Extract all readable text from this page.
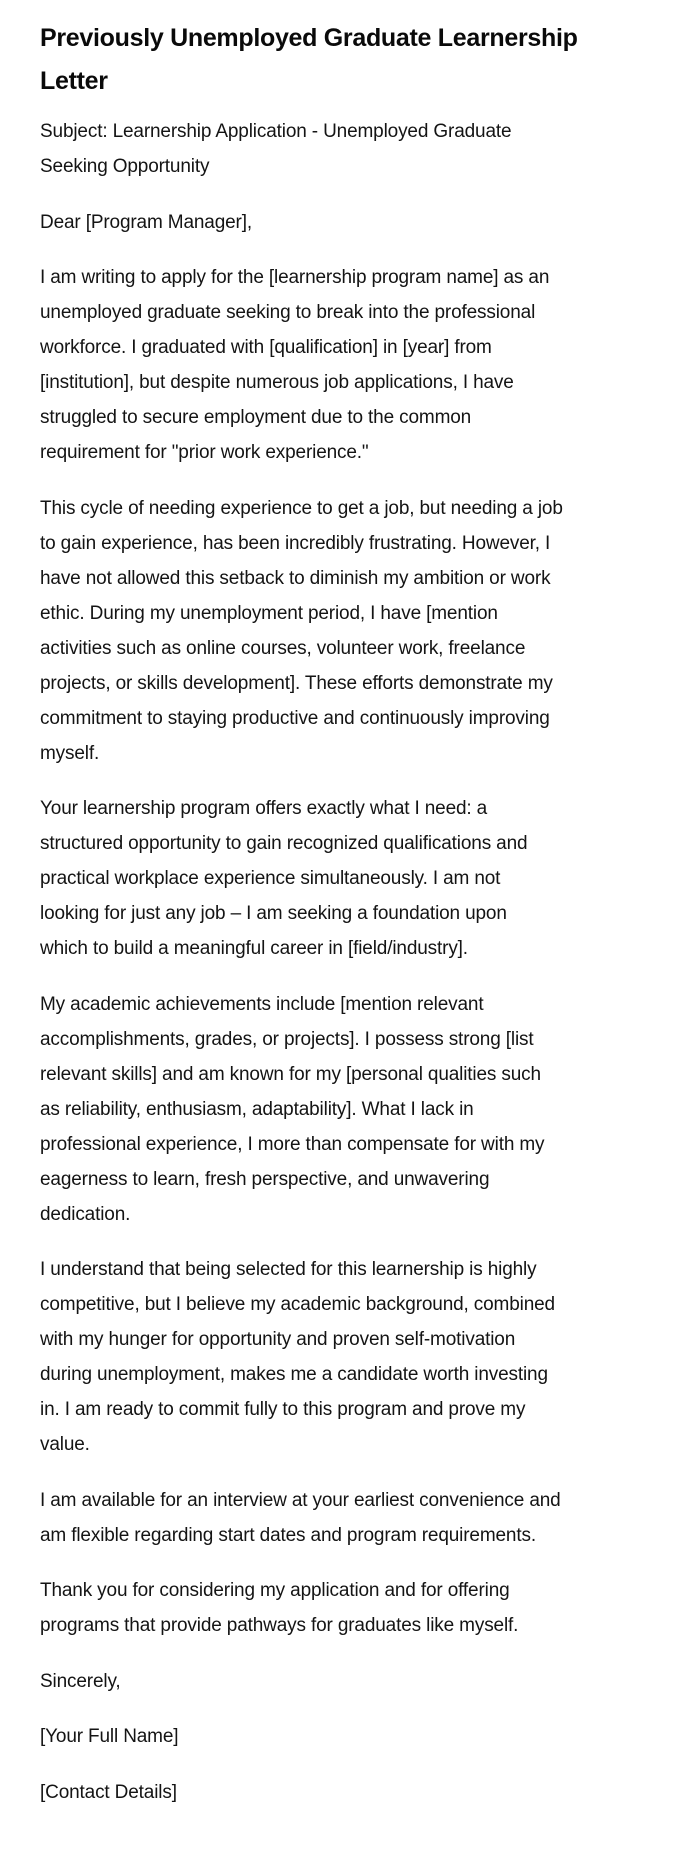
Previously Unemployed Graduate Learnership
Letter

Subject: Learnership Application - Unemployed Graduate
Seeking Opportunity

Dear [Program Manager],

I am writing to apply for the [learnership program name] as an
unemployed graduate seeking to break into the professional
workforce. I graduated with [qualification] in [year] from
[institution], but despite numerous job applications, I have
struggled to secure employment due to the common
requirement for "prior work experience."

This cycle of needing experience to get a job, but needing a job
to gain experience, has been incredibly frustrating. However, I
have not allowed this setback to diminish my ambition or work
ethic. During my unemployment period, I have [mention
activities such as online courses, volunteer work, freelance
projects, or skills development]. These efforts demonstrate my
commitment to staying productive and continuously improving
myself.

Your learnership program offers exactly what I need: a
structured opportunity to gain recognized qualifications and
practical workplace experience simultaneously. I am not
looking for just any job – I am seeking a foundation upon
which to build a meaningful career in [field/industry].

My academic achievements include [mention relevant
accomplishments, grades, or projects]. I possess strong [list
relevant skills] and am known for my [personal qualities such
as reliability, enthusiasm, adaptability]. What I lack in
professional experience, I more than compensate for with my
eagerness to learn, fresh perspective, and unwavering
dedication.

I understand that being selected for this learnership is highly
competitive, but I believe my academic background, combined
with my hunger for opportunity and proven self-motivation
during unemployment, makes me a candidate worth investing
in. I am ready to commit fully to this program and prove my
value.

I am available for an interview at your earliest convenience and
am flexible regarding start dates and program requirements.

Thank you for considering my application and for offering
programs that provide pathways for graduates like myself.

Sincerely,

[Your Full Name]

[Contact Details]
